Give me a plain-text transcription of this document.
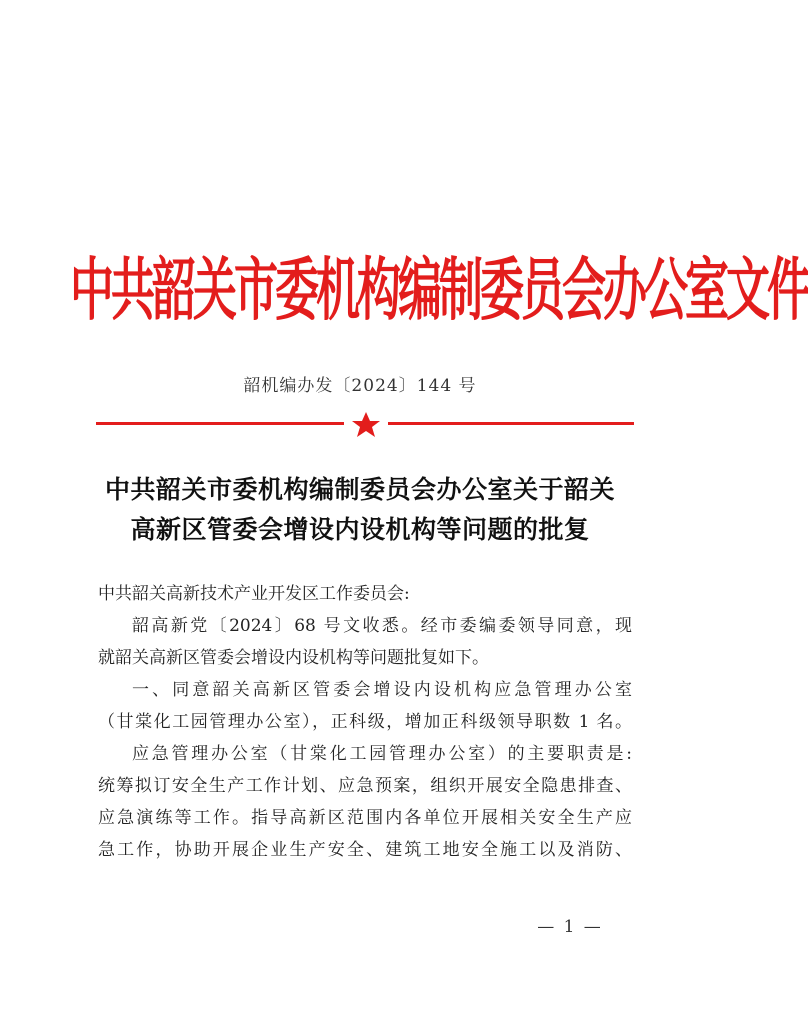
中共韶关市委机构编制委员会办公室文件
韶机编办发〔2024〕144 号
中共韶关市委机构编制委员会办公室关于韶关
高新区管委会增设内设机构等问题的批复
中共韶关高新技术产业开发区工作委员会:
韶高新党〔2024〕68 号文收悉。经市委编委领导同意，现
就韶关高新区管委会增设内设机构等问题批复如下。
一、同意韶关高新区管委会增设内设机构应急管理办公室
（甘棠化工园管理办公室），正科级，增加正科级领导职数 1 名。
应急管理办公室（甘棠化工园管理办公室）的主要职责是:
统筹拟订安全生产工作计划、应急预案，组织开展安全隐患排查、
应急演练等工作。指导高新区范围内各单位开展相关安全生产应
急工作，协助开展企业生产安全、建筑工地安全施工以及消防、
— 1 —
